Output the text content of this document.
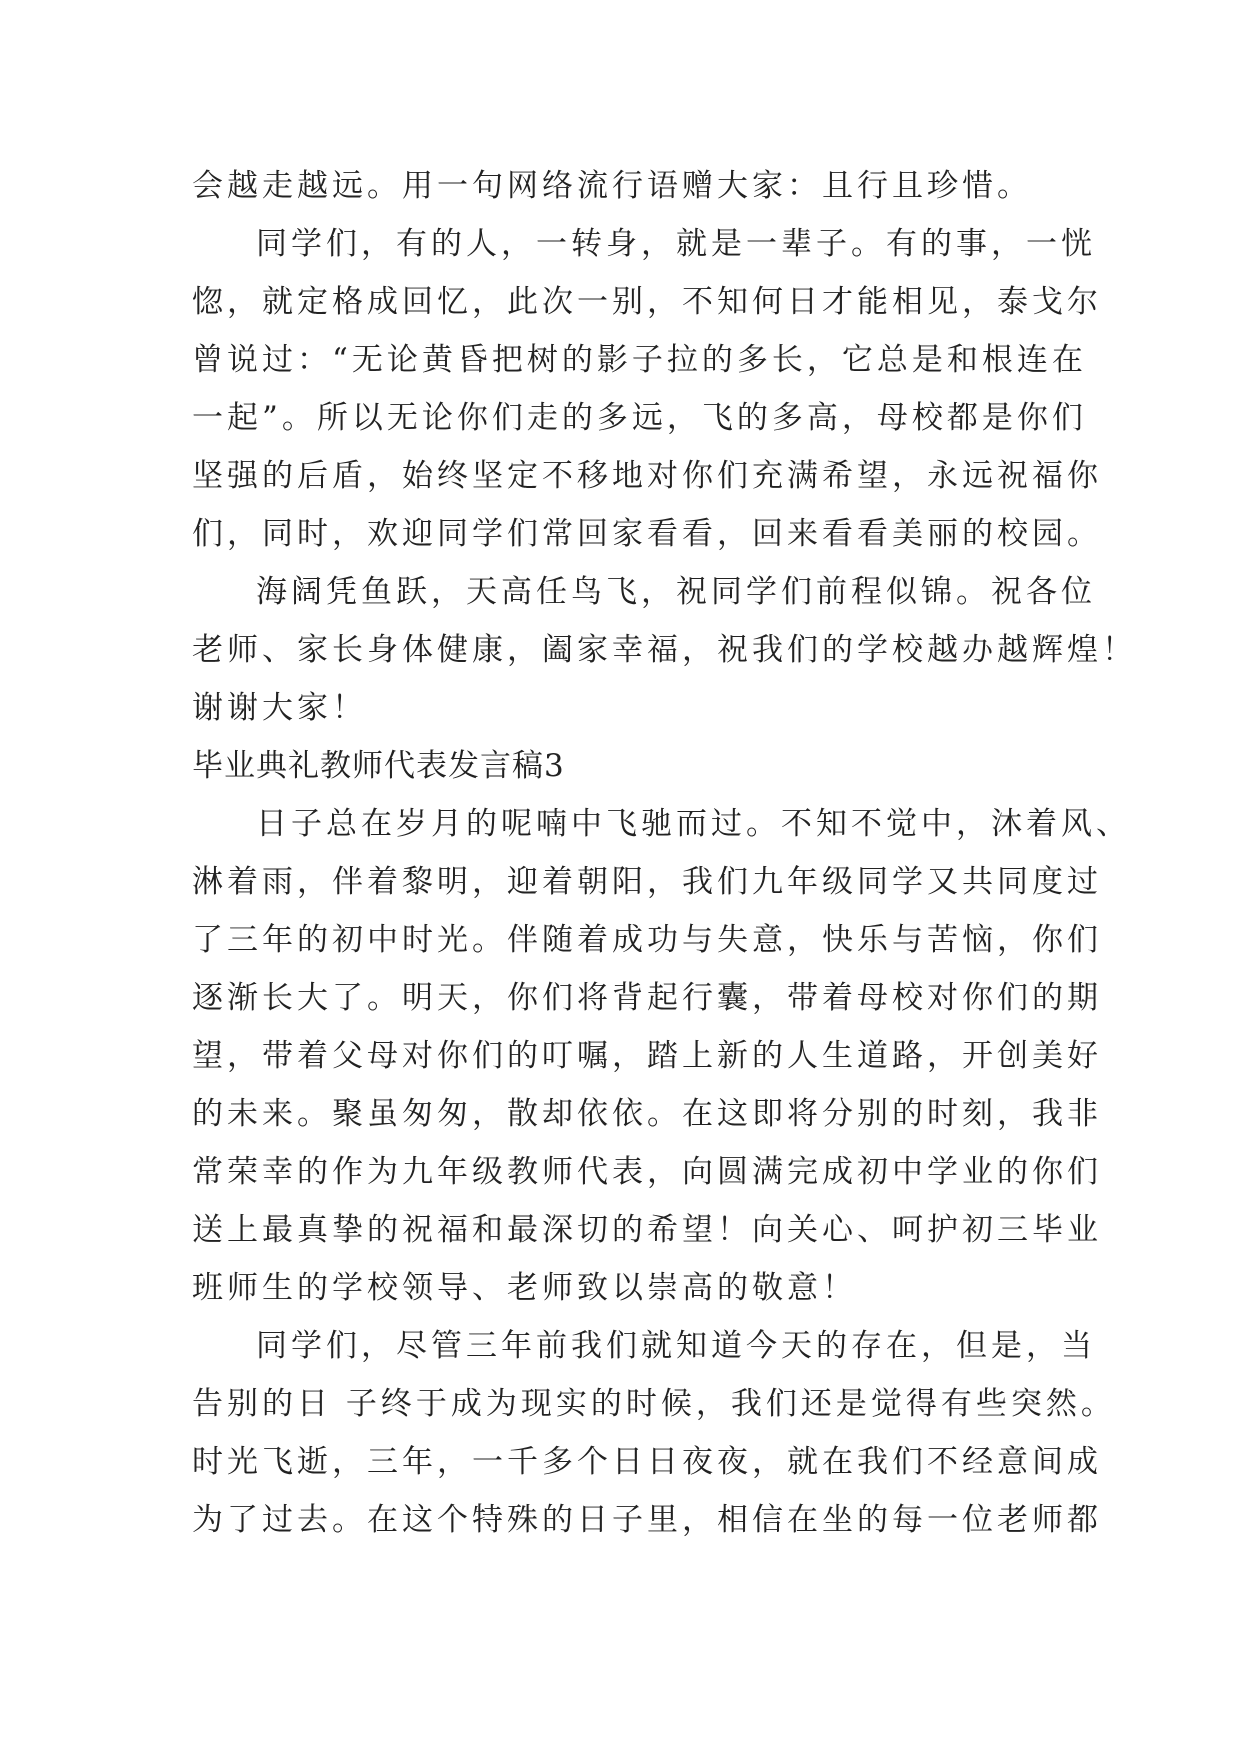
会越走越远。用一句网络流行语赠大家：且行且珍惜。
同学们，有的人，一转身，就是一辈子。有的事，一恍
惚，就定格成回忆，此次一别，不知何日才能相见，泰戈尔
曾说过：“无论黄昏把树的影子拉的多长，它总是和根连在
一起”。所以无论你们走的多远，飞的多高，母校都是你们
坚强的后盾，始终坚定不移地对你们充满希望，永远祝福你
们，同时，欢迎同学们常回家看看，回来看看美丽的校园。
海阔凭鱼跃，天高任鸟飞，祝同学们前程似锦。祝各位
老师、家长身体健康，阖家幸福，祝我们的学校越办越辉煌！
谢谢大家！
毕业典礼教师代表发言稿3
日子总在岁月的呢喃中飞驰而过。不知不觉中，沐着风、
淋着雨，伴着黎明，迎着朝阳，我们九年级同学又共同度过
了三年的初中时光。伴随着成功与失意，快乐与苦恼，你们
逐渐长大了。明天，你们将背起行囊，带着母校对你们的期
望，带着父母对你们的叮嘱，踏上新的人生道路，开创美好
的未来。聚虽匆匆，散却依依。在这即将分别的时刻，我非
常荣幸的作为九年级教师代表，向圆满完成初中学业的你们
送上最真挚的祝福和最深切的希望！向关心、呵护初三毕业
班师生的学校领导、老师致以崇高的敬意！
同学们，尽管三年前我们就知道今天的存在，但是，当
告别的日 子终于成为现实的时候，我们还是觉得有些突然。
时光飞逝，三年，一千多个日日夜夜，就在我们不经意间成
为了过去。在这个特殊的日子里，相信在坐的每一位老师都
